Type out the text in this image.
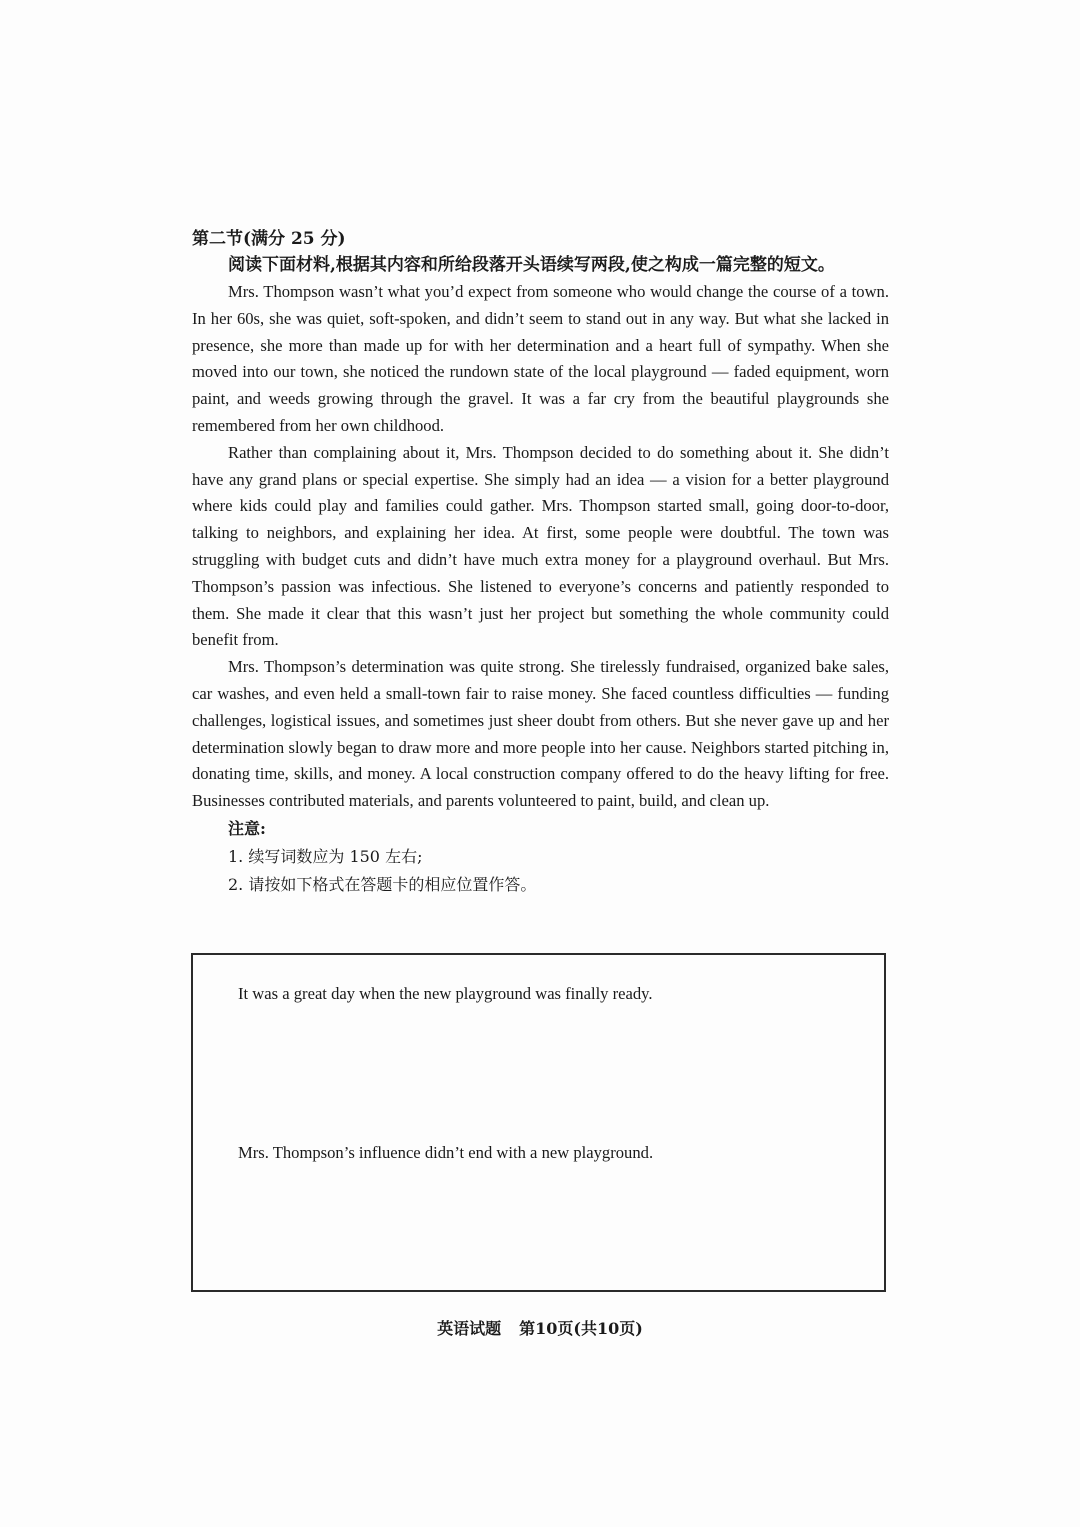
第二节(满分 25 分)

阅读下面材料,根据其内容和所给段落开头语续写两段,使之构成一篇完整的短文。

Mrs. Thompson wasn’t what you’d expect from someone who would change the course of a town. In her 60s, she was quiet, soft-spoken, and didn’t seem to stand out in any way. But what she lacked in presence, she more than made up for with her determination and a heart full of sympathy. When she moved into our town, she noticed the rundown state of the local playground — faded equipment, worn paint, and weeds growing through the gravel. It was a far cry from the beautiful playgrounds she remembered from her own childhood.

Rather than complaining about it, Mrs. Thompson decided to do something about it. She didn’t have any grand plans or special expertise. She simply had an idea — a vision for a better playground where kids could play and families could gather. Mrs. Thompson started small, going door-to-door, talking to neighbors, and explaining her idea. At first, some people were doubtful. The town was struggling with budget cuts and didn’t have much extra money for a playground overhaul. But Mrs. Thompson’s passion was infectious. She listened to everyone’s concerns and patiently responded to them. She made it clear that this wasn’t just her project but something the whole community could benefit from.

Mrs. Thompson’s determination was quite strong. She tirelessly fundraised, organized bake sales, car washes, and even held a small-town fair to raise money. She faced countless difficulties — funding challenges, logistical issues, and sometimes just sheer doubt from others. But she never gave up and her determination slowly began to draw more and more people into her cause. Neighbors started pitching in, donating time, skills, and money. A local construction company offered to do the heavy lifting for free. Businesses contributed materials, and parents volunteered to paint, build, and clean up.

注意:

1. 续写词数应为 150 左右;

2. 请按如下格式在答题卡的相应位置作答。

It was a great day when the new playground was finally ready.

Mrs. Thompson’s influence didn’t end with a new playground.

英语试题 第10页(共10页)
